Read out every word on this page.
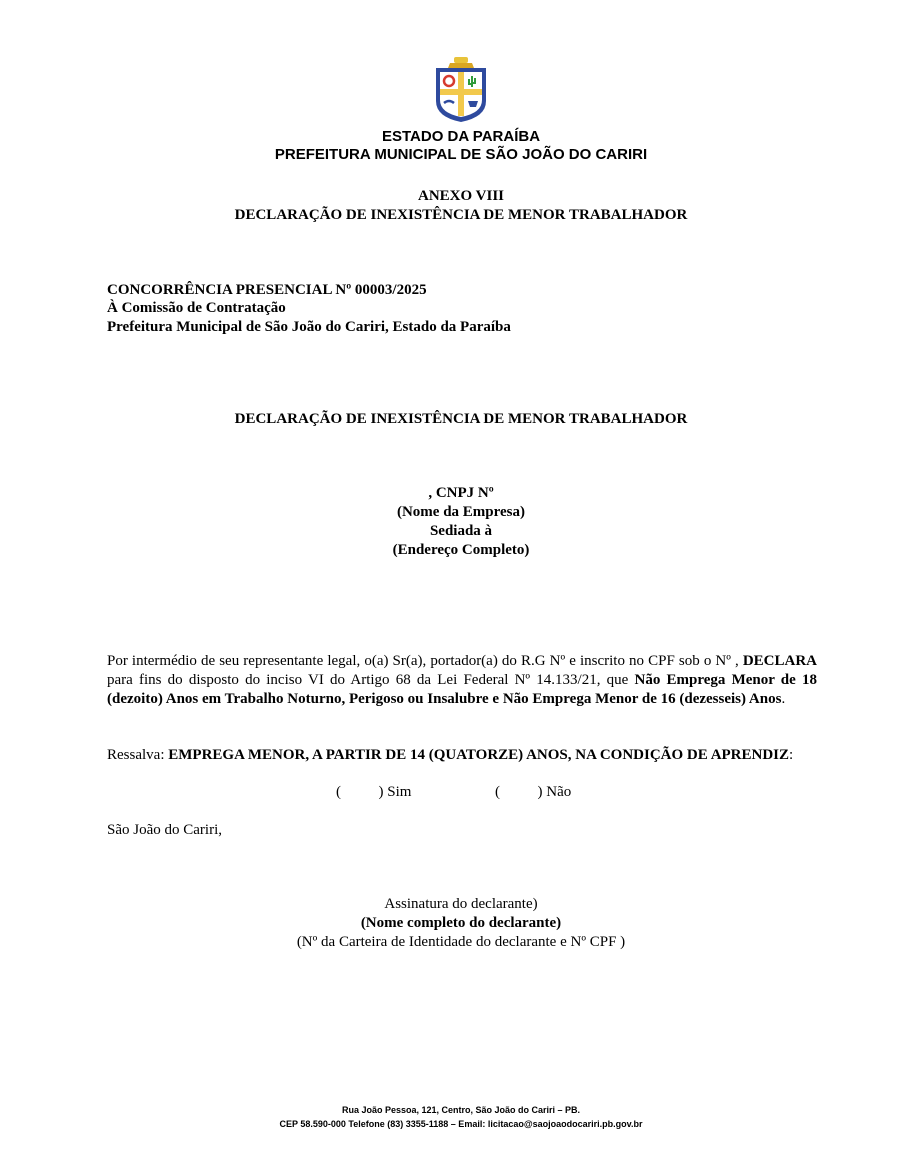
ESTADO DA PARAÍBA
PREFEITURA MUNICIPAL DE SÃO JOÃO DO CARIRI
ANEXO VIII
DECLARAÇÃO DE INEXISTÊNCIA DE MENOR TRABALHADOR
CONCORRÊNCIA PRESENCIAL Nº 00003/2025
À Comissão de Contratação
Prefeitura Municipal de São João do Cariri, Estado da Paraíba
DECLARAÇÃO DE INEXISTÊNCIA DE MENOR TRABALHADOR
, CNPJ Nº
(Nome da Empresa)
Sediada à
(Endereço Completo)
Por intermédio de seu representante legal, o(a) Sr(a), portador(a) do R.G Nº e inscrito no CPF sob o Nº , DECLARA para fins do disposto do inciso VI do Artigo 68 da Lei Federal Nº 14.133/21, que Não Emprega Menor de 18 (dezoito) Anos em Trabalho Noturno, Perigoso ou Insalubre e Não Emprega Menor de 16 (dezesseis) Anos.
Ressalva: EMPREGA MENOR, A PARTIR DE 14 (QUATORZE) ANOS, NA CONDIÇÃO DE APRENDIZ:
(          ) Sim	(          ) Não
São João do Cariri,
Assinatura do declarante)
(Nome completo do declarante)
(Nº da Carteira de Identidade do declarante e Nº CPF )
Rua João Pessoa, 121, Centro, São João do Cariri – PB.
CEP 58.590-000 Telefone (83) 3355-1188 – Email: licitacao@saojoaodocariri.pb.gov.br
